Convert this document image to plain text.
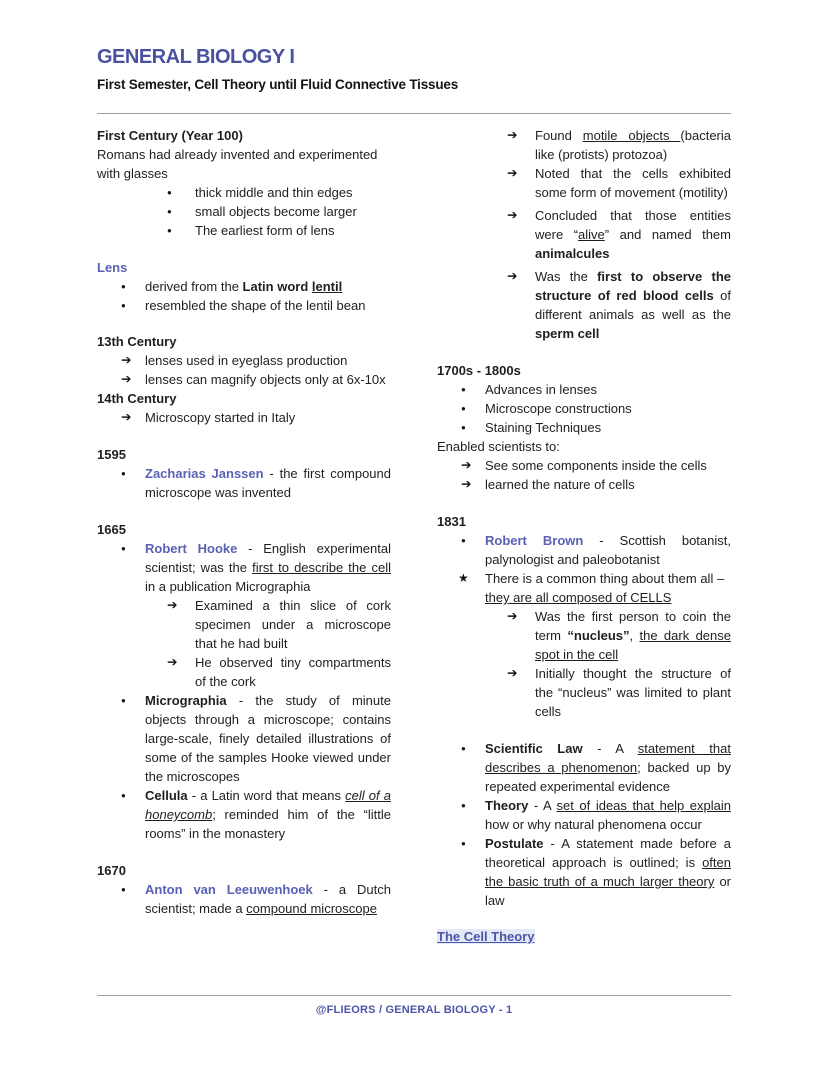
GENERAL BIOLOGY I
First Semester, Cell Theory until Fluid Connective Tissues
First Century (Year 100)
Romans had already invented and experimented with glasses
● thick middle and thin edges
● small objects become larger
● The earliest form of lens
Lens
● derived from the Latin word lentil
● resembled the shape of the lentil bean
13th Century
➔ lenses used in eyeglass production
➔ lenses can magnify objects only at 6x-10x
14th Century
➔ Microscopy started in Italy
1595
● Zacharias Janssen - the first compound microscope was invented
1665
● Robert Hooke - English experimental scientist; was the first to describe the cell in a publication Micrographia
➔ Examined a thin slice of cork specimen under a microscope that he had built
➔ He observed tiny compartments of the cork
● Micrographia - the study of minute objects through a microscope; contains large-scale, finely detailed illustrations of some of the samples Hooke viewed under the microscopes
● Cellula - a Latin word that means cell of a honeycomb; reminded him of the “little rooms” in the monastery
1670
● Anton van Leeuwenhoek - a Dutch scientist; made a compound microscope
➔ Found motile objects (bacteria like (protists) protozoa)
➔ Noted that the cells exhibited some form of movement (motility)
➔ Concluded that those entities were “alive” and named them animalcules
➔ Was the first to observe the structure of red blood cells of different animals as well as the sperm cell
1700s - 1800s
● Advances in lenses
● Microscope constructions
● Staining Techniques
Enabled scientists to:
➔ See some components inside the cells
➔ learned the nature of cells
1831
● Robert Brown - Scottish botanist, palynologist and paleobotanist
★ There is a common thing about them all – they are all composed of CELLS
➔ Was the first person to coin the term “nucleus”, the dark dense spot in the cell
➔ Initially thought the structure of the “nucleus” was limited to plant cells
● Scientific Law - A statement that describes a phenomenon; backed up by repeated experimental evidence
● Theory - A set of ideas that help explain how or why natural phenomena occur
● Postulate - A statement made before a theoretical approach is outlined; is often the basic truth of a much larger theory or law
The Cell Theory
@FLIEORS / GENERAL BIOLOGY - 1
